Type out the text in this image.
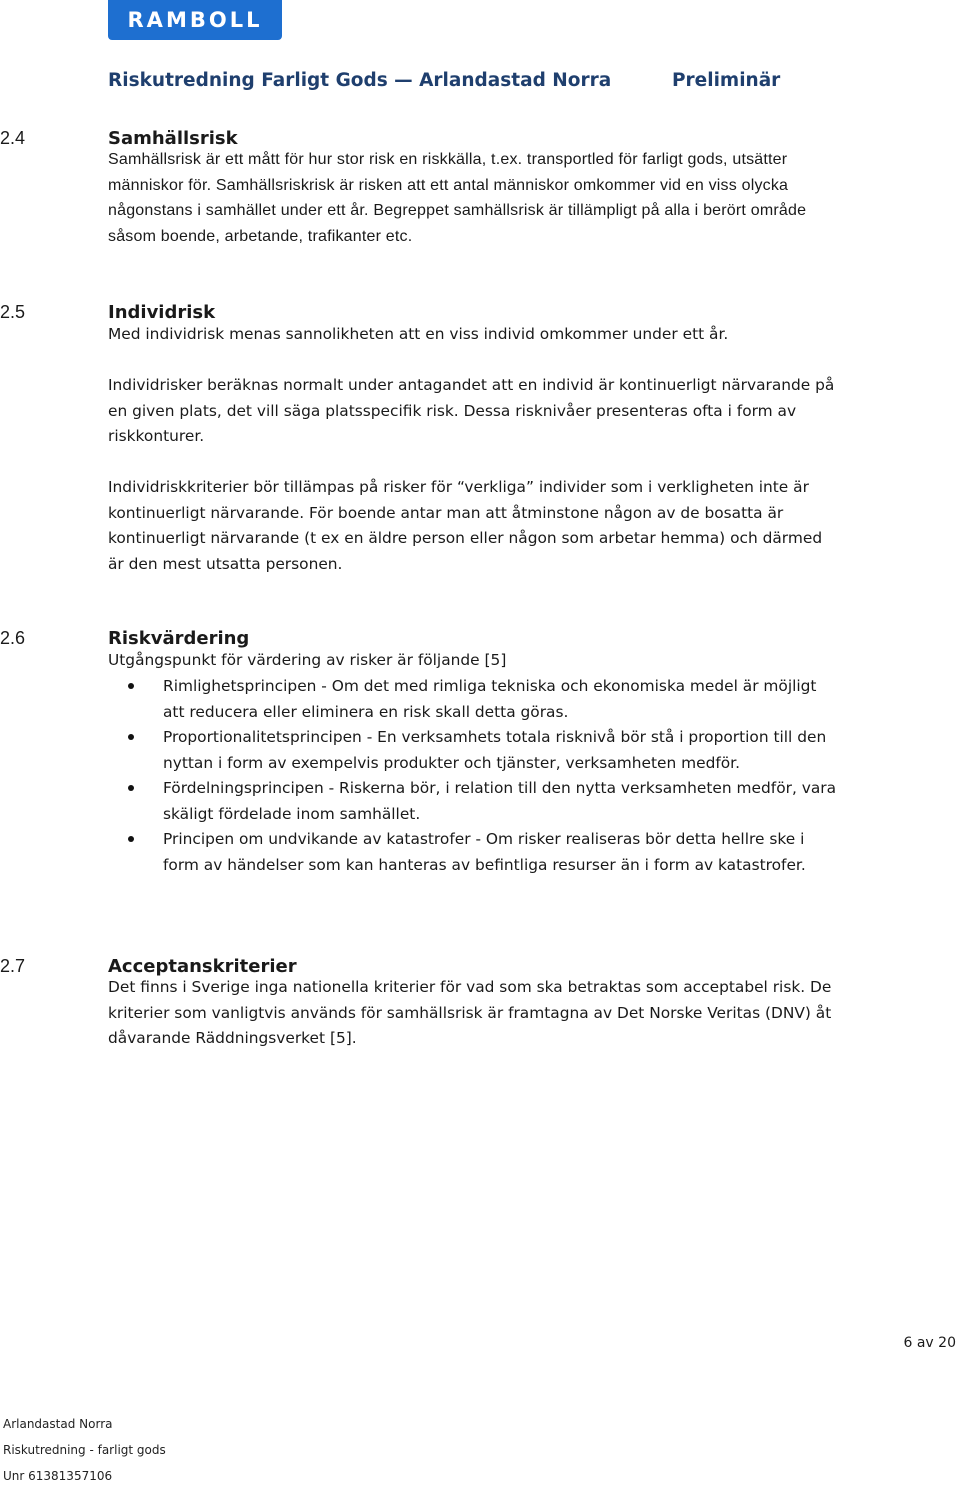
RAMBOLL
Riskutredning Farligt Gods — Arlandastad Norra	Preliminär
2.4	Samhällsrisk

Samhällsrisk är ett mått för hur stor risk en riskkälla, t.ex. transportled för farligt gods, utsätter människor för. Samhällsriskrisk är risken att ett antal människor omkommer vid en viss olycka någonstans i samhället under ett år. Begreppet samhällsrisk är tillämpligt på alla i berört område såsom boende, arbetande, trafikanter etc.

2.5	Individrisk

Med individrisk menas sannolikheten att en viss individ omkommer under ett år.

Individrisker beräknas normalt under antagandet att en individ är kontinuerligt närvarande på en given plats, det vill säga platsspecifik risk. Dessa risknivåer presenteras ofta i form av riskkonturer.

Individriskkriterier bör tillämpas på risker för “verkliga” individer som i verkligheten inte är kontinuerligt närvarande. För boende antar man att åtminstone någon av de bosatta är kontinuerligt närvarande (t ex en äldre person eller någon som arbetar hemma) och därmed är den mest utsatta personen.

2.6	Riskvärdering

Utgångspunkt för värdering av risker är följande [5]

Rimlighetsprincipen - Om det med rimliga tekniska och ekonomiska medel är möjligt att reducera eller eliminera en risk skall detta göras.
Proportionalitetsprincipen - En verksamhets totala risknivå bör stå i proportion till den nyttan i form av exempelvis produkter och tjänster, verksamheten medför.
Fördelningsprincipen - Riskerna bör, i relation till den nytta verksamheten medför, vara skäligt fördelade inom samhället.
Principen om undvikande av katastrofer - Om risker realiseras bör detta hellre ske i form av händelser som kan hanteras av befintliga resurser än i form av katastrofer.
2.7	Acceptanskriterier

Det finns i Sverige inga nationella kriterier för vad som ska betraktas som acceptabel risk. De kriterier som vanligtvis används för samhällsrisk är framtagna av Det Norske Veritas (DNV) åt dåvarande Räddningsverket [5].

6 av 20
Arlandastad Norra
Riskutredning - farligt gods
Unr 61381357106
